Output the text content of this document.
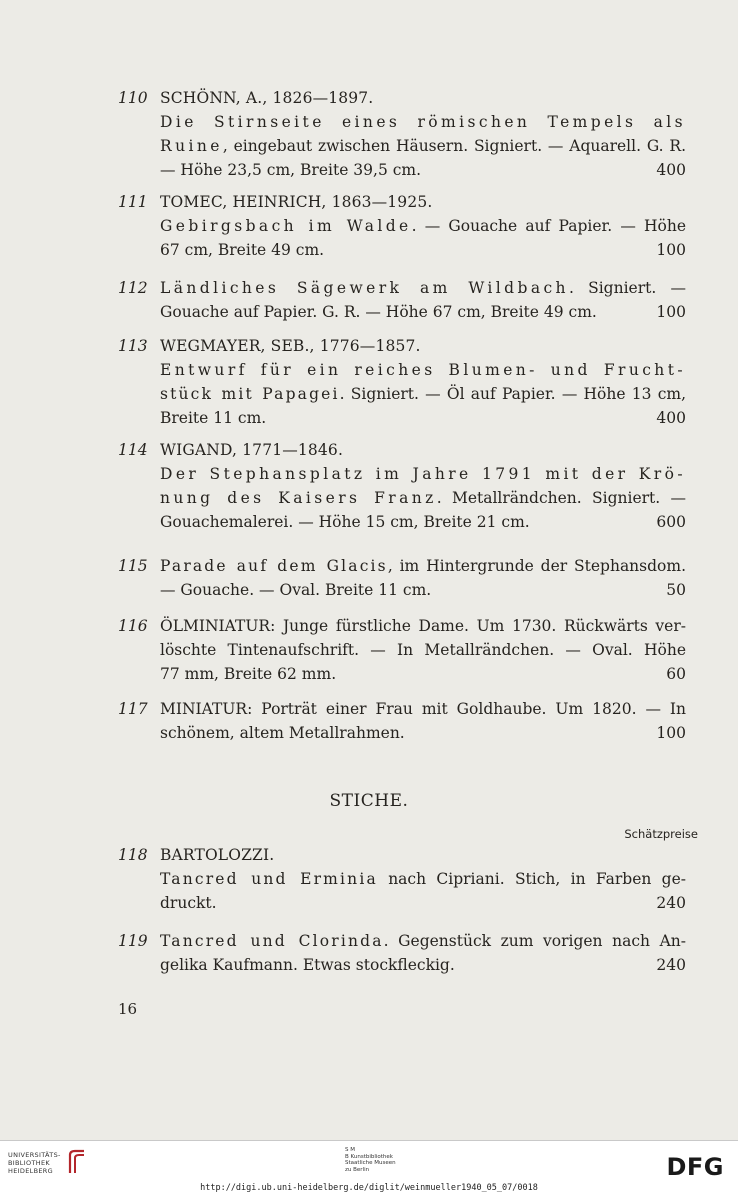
110 SCHÖNN, A., 1826—1897.
Die Stirnseite eines römischen Tempels als
Ruine, eingebaut zwischen Häusern. Signiert. — Aquarell. G. R.
— Höhe 23,5 cm, Breite 39,5 cm.	400
111 TOMEC, HEINRICH, 1863—1925.
Gebirgsbach im Walde. — Gouache auf Papier. — Höhe
67 cm, Breite 49 cm.	100
112 Ländliches Sägewerk am Wildbach. Signiert. —
Gouache auf Papier. G. R. — Höhe 67 cm, Breite 49 cm.	100
113 WEGMAYER, SEB., 1776—1857.
Entwurf für ein reiches Blumen- und Frucht-
stück mit Papagei. Signiert. — Öl auf Papier. — Höhe 13 cm,
Breite 11 cm.	400
114 WIGAND, 1771—1846.
Der Stephansplatz im Jahre 1791 mit der Krö-
nung des Kaisers Franz. Metallrändchen. Signiert. —
Gouachemalerei. — Höhe 15 cm, Breite 21 cm.	600
115 Parade auf dem Glacis, im Hintergrunde der Stephansdom.
— Gouache. — Oval. Breite 11 cm.	50
116 ÖLMINIATUR: Junge fürstliche Dame. Um 1730. Rückwärts ver-
löschte Tintenaufschrift. — In Metallrändchen. — Oval. Höhe
77 mm, Breite 62 mm.	60
117 MINIATUR: Porträt einer Frau mit Goldhaube. Um 1820. — In
schönem, altem Metallrahmen.	100
STICHE.
Schätzpreise
118 BARTOLOZZI.
Tancred und Erminia nach Cipriani. Stich, in Farben ge-
druckt.	240
119 Tancred und Clorinda. Gegenstück zum vorigen nach An-
gelika Kaufmann. Etwas stockfleckig.	240
16
UNIVERSITÄTS-
BIBLIOTHEK
HEIDELBERG
S M
B Kunstbibliothek
Staatliche Museen
zu Berlin	DFG
http://digi.ub.uni-heidelberg.de/diglit/weinmueller1940_05_07/0018
